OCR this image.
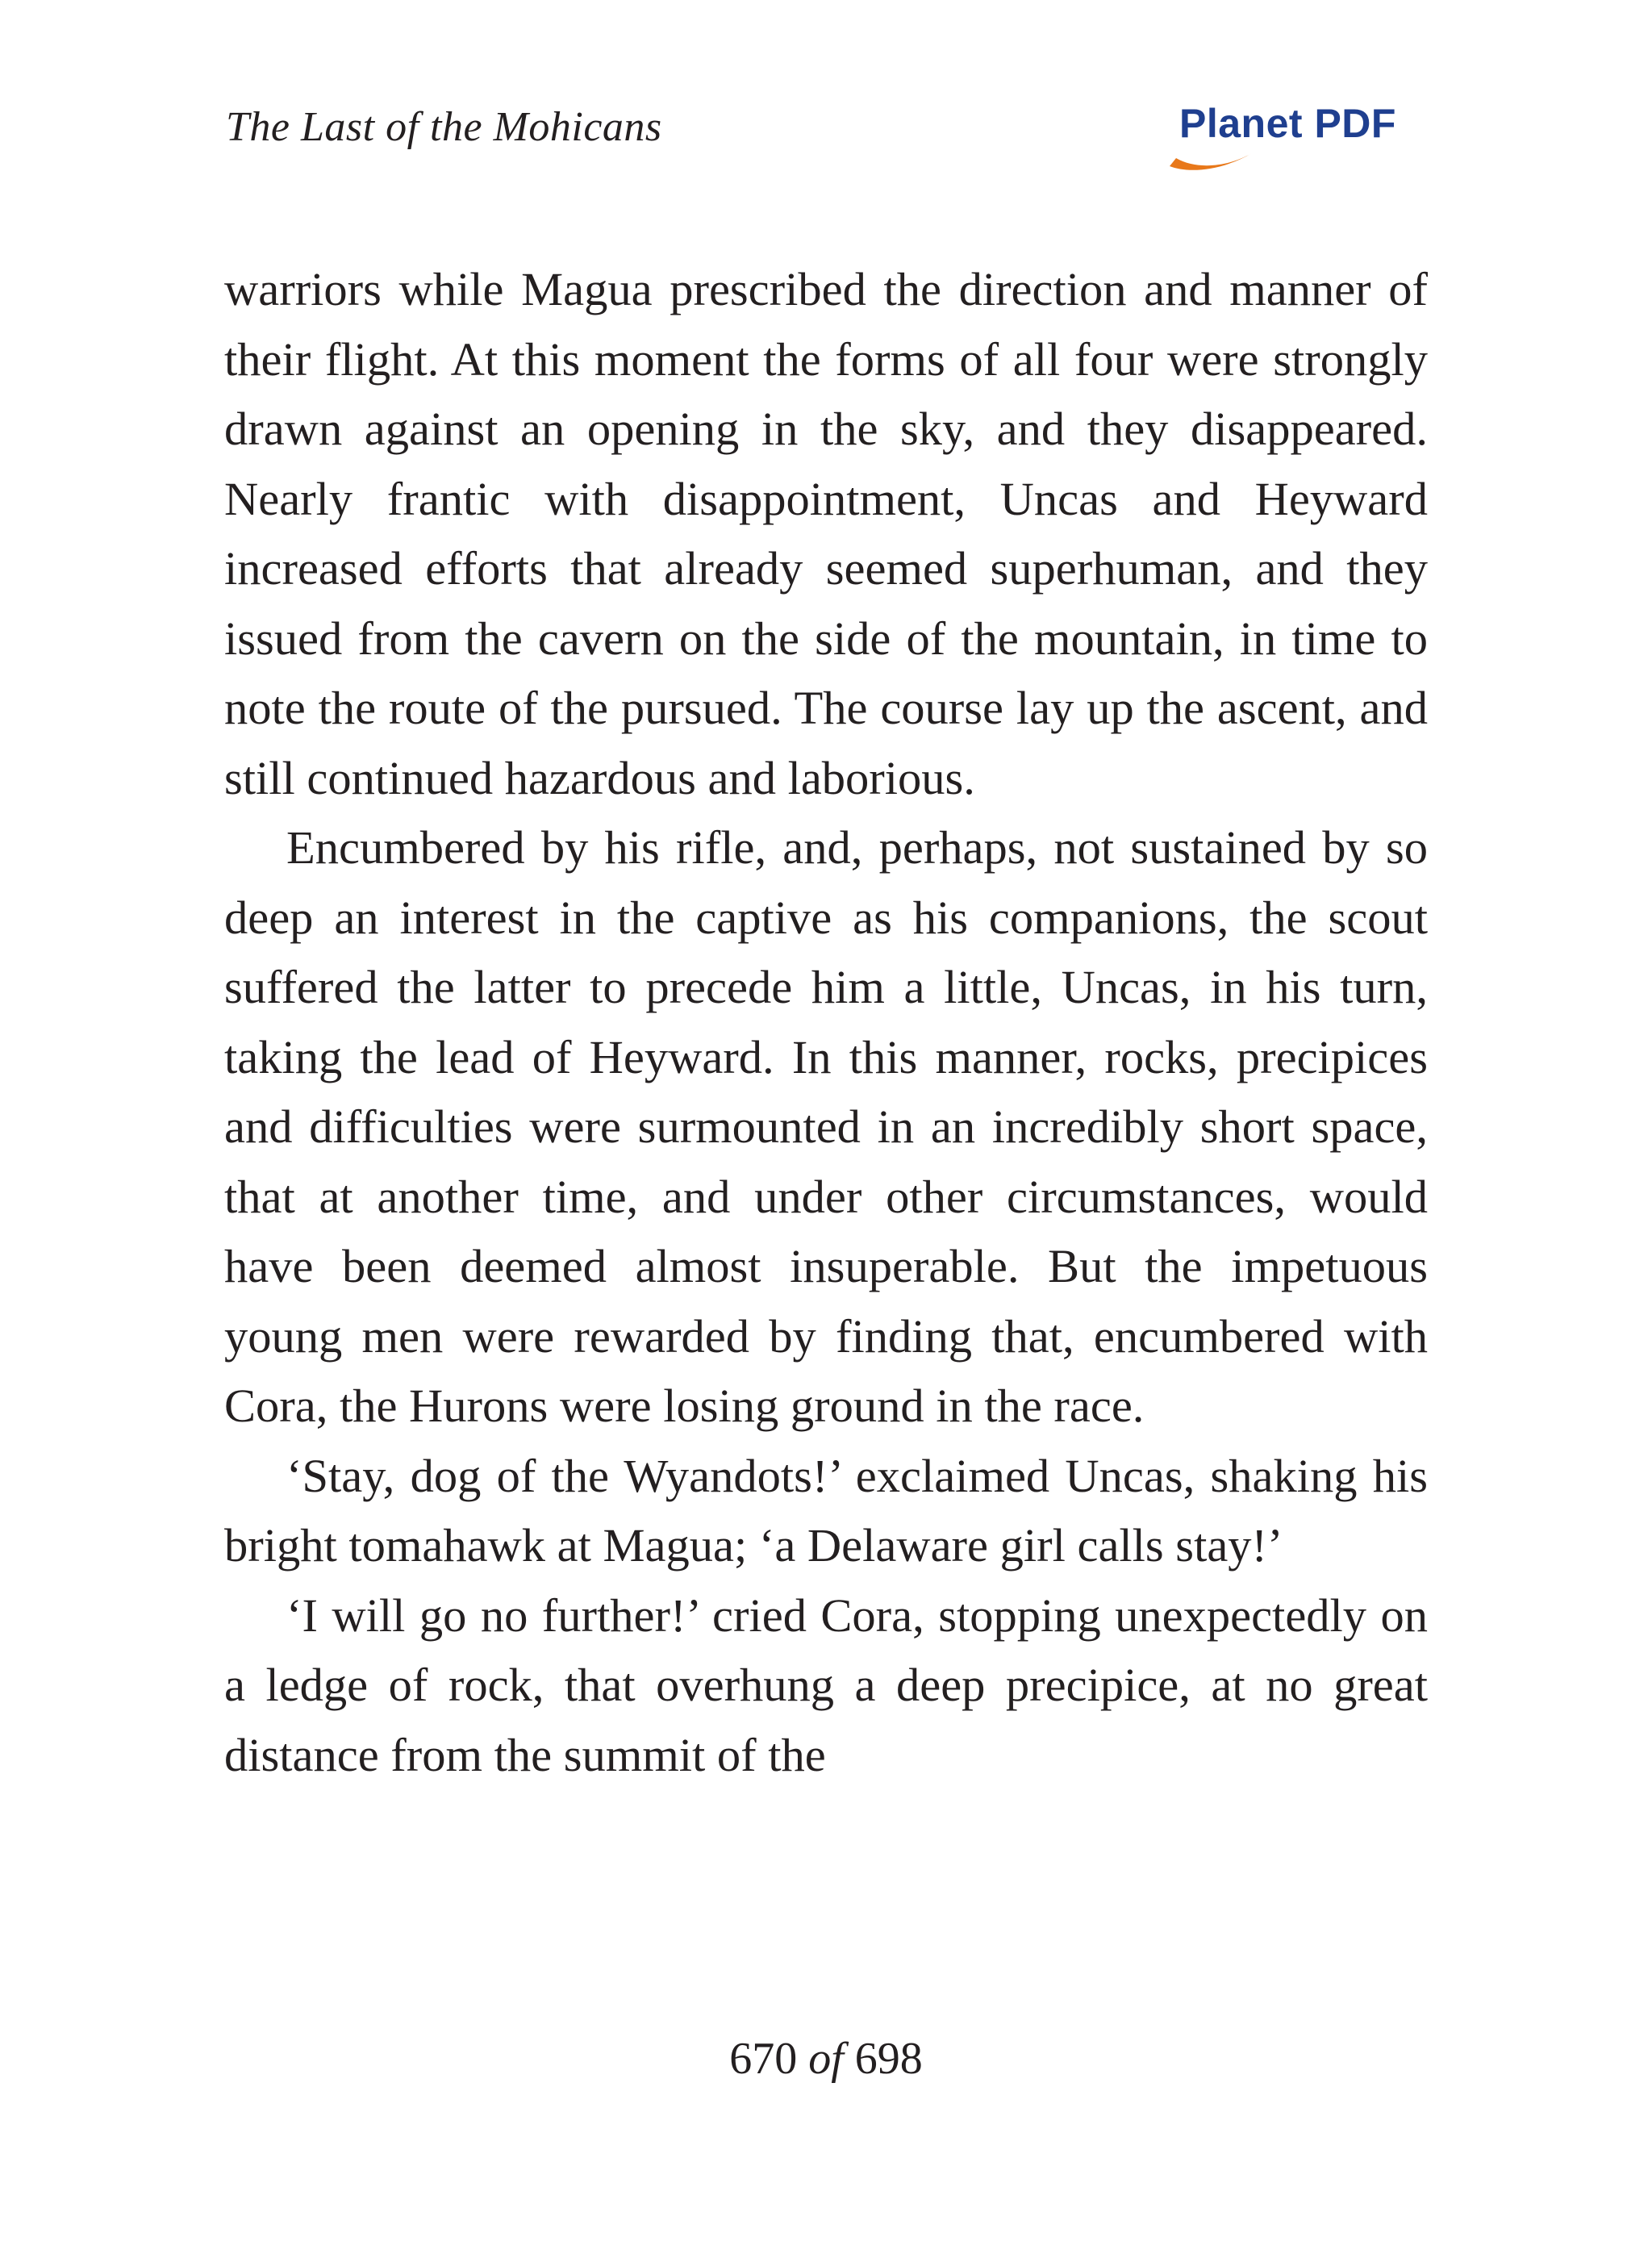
The Last of the Mohicans	Planet PDF

warriors while Magua prescribed the direction and manner of their flight. At this moment the forms of all four were strongly drawn against an opening in the sky, and they disappeared. Nearly frantic with disappointment, Uncas and Heyward increased efforts that already seemed superhuman, and they issued from the cavern on the side of the mountain, in time to note the route of the pursued. The course lay up the ascent, and still continued hazardous and laborious.

Encumbered by his rifle, and, perhaps, not sustained by so deep an interest in the captive as his companions, the scout suffered the latter to precede him a little, Uncas, in his turn, taking the lead of Heyward. In this manner, rocks, precipices and difficulties were surmounted in an incredibly short space, that at another time, and under other circumstances, would have been deemed almost insuperable. But the impetuous young men were rewarded by finding that, encumbered with Cora, the Hurons were losing ground in the race.

‘Stay, dog of the Wyandots!’ exclaimed Uncas, shaking his bright tomahawk at Magua; ‘a Delaware girl calls stay!’

‘I will go no further!’ cried Cora, stopping unexpectedly on a ledge of rock, that overhung a deep precipice, at no great distance from the summit of the

670 of 698
